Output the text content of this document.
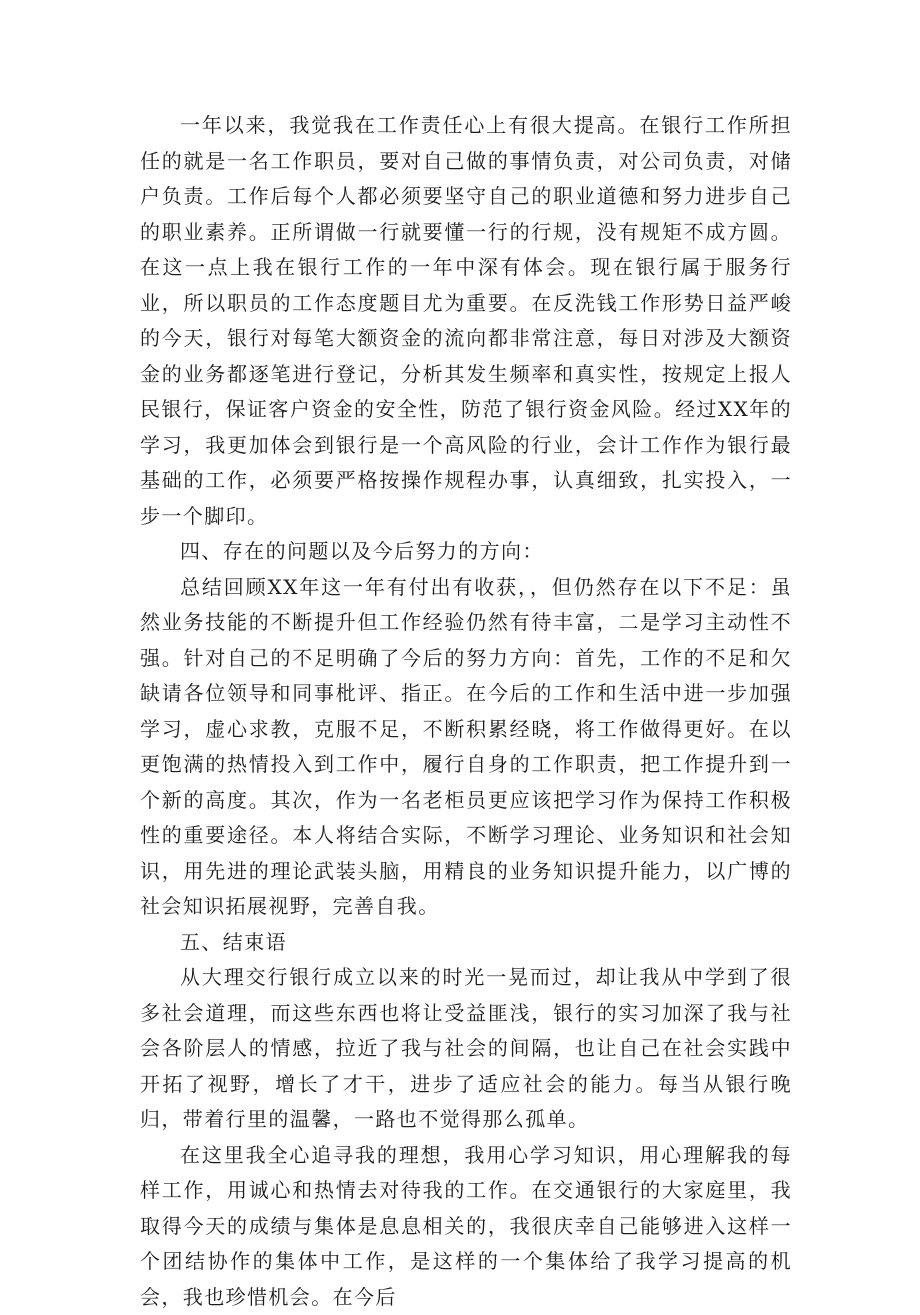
一年以来，我觉我在工作责任心上有很大提高。在银行工作所担任的就是一名工作职员，要对自己做的事情负责，对公司负责，对储户负责。工作后每个人都必须要坚守自己的职业道德和努力进步自己的职业素养。正所谓做一行就要懂一行的行规，没有规矩不成方圆。在这一点上我在银行工作的一年中深有体会。现在银行属于服务行业，所以职员的工作态度题目尤为重要。在反洗钱工作形势日益严峻的今天，银行对每笔大额资金的流向都非常注意，每日对涉及大额资金的业务都逐笔进行登记，分析其发生频率和真实性，按规定上报人民银行，保证客户资金的安全性，防范了银行资金风险。经过XX年的学习，我更加体会到银行是一个高风险的行业，会计工作作为银行最基础的工作，必须要严格按操作规程办事，认真细致，扎实投入，一步一个脚印。

四、存在的问题以及今后努力的方向：

总结回顾XX年这一年有付出有收获，，但仍然存在以下不足：虽然业务技能的不断提升但工作经验仍然有待丰富，二是学习主动性不强。针对自己的不足明确了今后的努力方向：首先，工作的不足和欠缺请各位领导和同事枇评、指正。在今后的工作和生活中进一步加强学习，虚心求教，克服不足，不断积累经晓，将工作做得更好。在以更饱满的热情投入到工作中，履行自身的工作职责，把工作提升到一个新的高度。其次，作为一名老柜员更应该把学习作为保持工作积极性的重要途径。本人将结合实际，不断学习理论、业务知识和社会知识，用先进的理论武装头脑，用精良的业务知识提升能力，以广博的社会知识拓展视野，完善自我。

五、结束语

从大理交行银行成立以来的时光一晃而过，却让我从中学到了很多社会道理，而这些东西也将让受益匪浅，银行的实习加深了我与社会各阶层人的情感，拉近了我与社会的间隔，也让自己在社会实践中开拓了视野，增长了才干，进步了适应社会的能力。每当从银行晚归，带着行里的温馨，一路也不觉得那么孤单。

在这里我全心追寻我的理想，我用心学习知识，用心理解我的每样工作，用诚心和热情去对待我的工作。在交通银行的大家庭里，我取得今天的成绩与集体是息息相关的，我很庆幸自己能够进入这样一个团结协作的集体中工作，是这样的一个集体给了我学习提高的机会，我也珍惜机会。在今后
